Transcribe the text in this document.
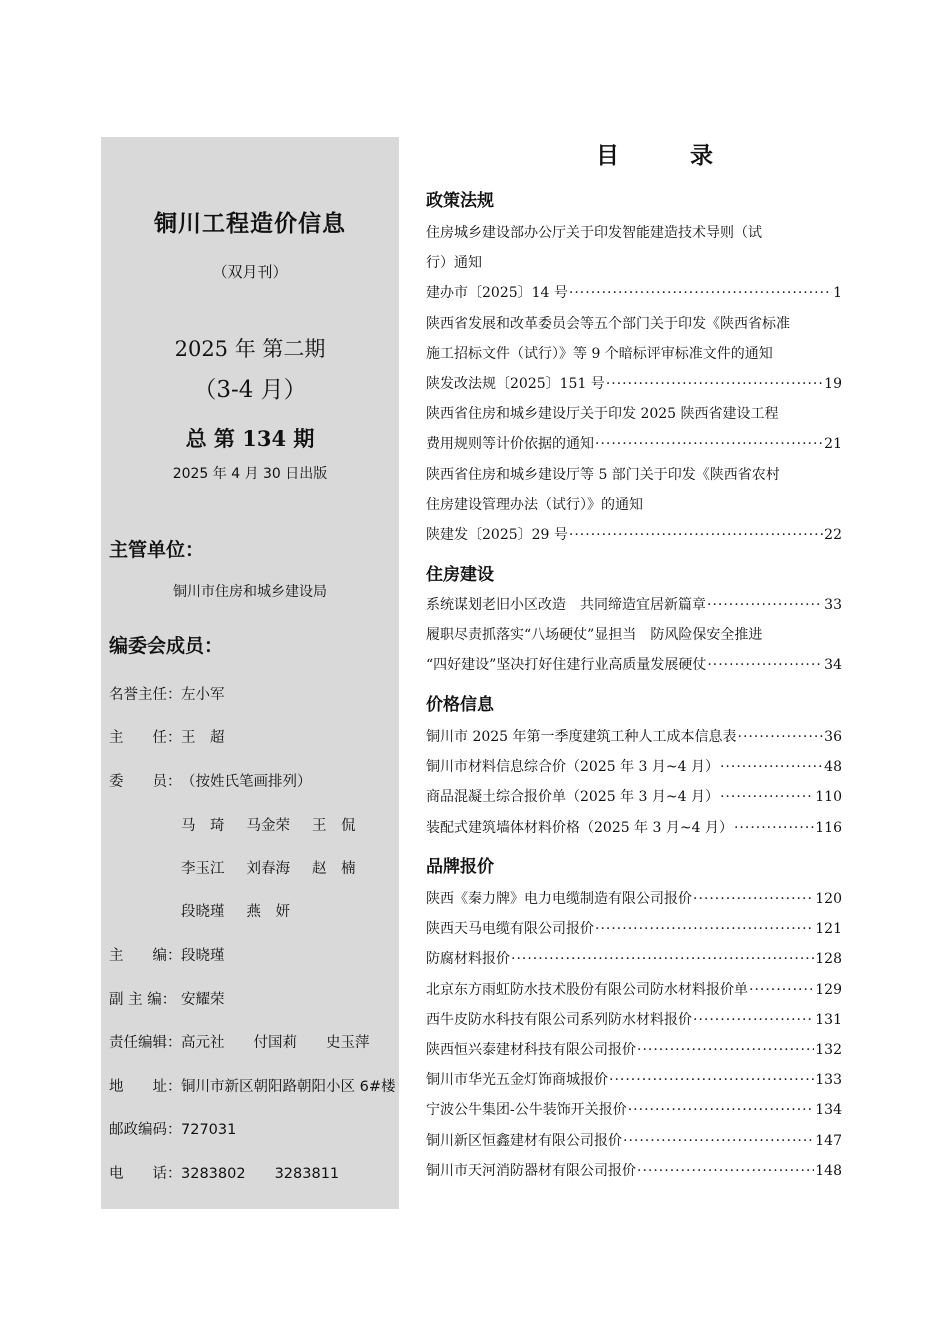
铜川工程造价信息
（双月刊）
2025 年 第二期
（3-4 月）
总 第 134 期
2025 年 4 月 30 日出版
主管单位：
铜川市住房和城乡建设局
编委会成员：
名誉主任：左小军
主　　任：王　超
委　　员：（按姓氏笔画排列）
马　琦 马金荣 王　侃
李玉江 刘春海 赵　楠
段晓瑾 燕　妍
主　　编：段晓瑾
副 主 编： 安耀荣
责任编辑：高元社　　付国莉　　史玉萍
地　　址：铜川市新区朝阳路朝阳小区 6#楼
邮政编码：727031
电　　话：3283802　　3283811
目　录
政策法规
住房城乡建设部办公厅关于印发智能建造技术导则（试
行）通知
建办市〔2025〕14 号 ·····	1
陕西省发展和改革委员会等五个部门关于印发《陕西省标准
施工招标文件（试行）》等 9 个暗标评审标准文件的通知
陕发改法规〔2025〕151 号 ·····	19
陕西省住房和城乡建设厅关于印发 2025 陕西省建设工程
费用规则等计价依据的通知 ·····	21
陕西省住房和城乡建设厅等 5 部门关于印发《陕西省农村
住房建设管理办法（试行）》的通知
陕建发〔2025〕29 号 ·····	22
住房建设
系统谋划老旧小区改造　共同缔造宜居新篇章 ·····	33
履职尽责抓落实“八场硬仗”显担当　防风险保安全推进
“四好建设”坚决打好住建行业高质量发展硬仗 ·····	34
价格信息
铜川市 2025 年第一季度建筑工种人工成本信息表 ·····	36
铜川市材料信息综合价（2025 年 3 月~4 月） ·····	48
商品混凝土综合报价单（2025 年 3 月~4 月） ·····	110
装配式建筑墙体材料价格（2025 年 3 月~4 月） ·····	116
品牌报价
陕西《秦力牌》电力电缆制造有限公司报价 ·····	120
陕西天马电缆有限公司报价 ·····	121
防腐材料报价 ·····	128
北京东方雨虹防水技术股份有限公司防水材料报价单 ·····	129
西牛皮防水科技有限公司系列防水材料报价 ·····	131
陕西恒兴泰建材科技有限公司报价 ·····	132
铜川市华光五金灯饰商城报价 ·····	133
宁波公牛集团-公牛装饰开关报价 ·····	134
铜川新区恒鑫建材有限公司报价 ·····	147
铜川市天河消防器材有限公司报价 ·····	148
